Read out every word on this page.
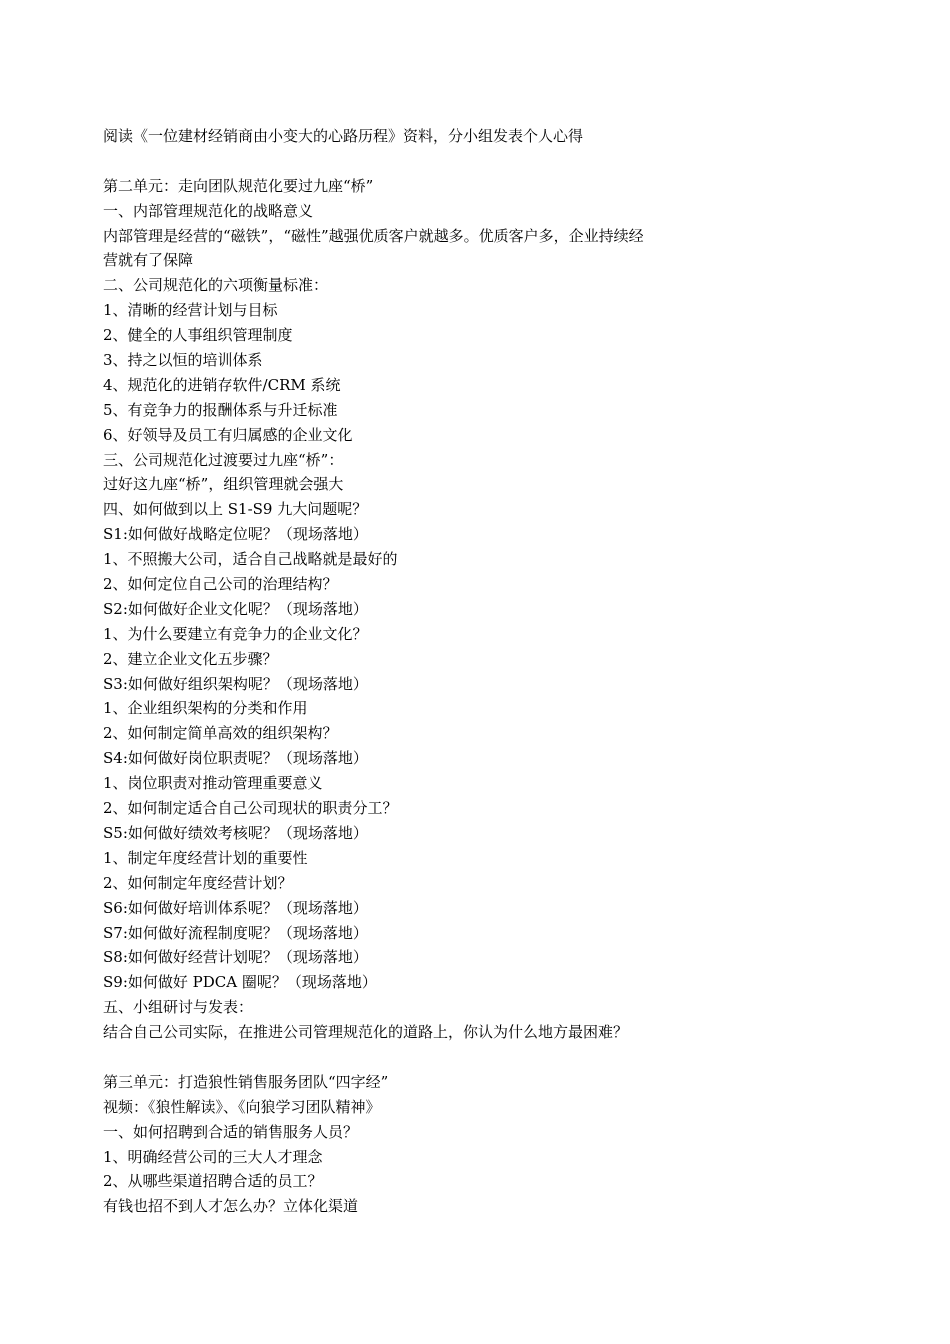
阅读《一位建材经销商由小变大的心路历程》资料，分小组发表个人心得
第二单元：走向团队规范化要过九座“桥”
一、内部管理规范化的战略意义
内部管理是经营的“磁铁”，“磁性”越强优质客户就越多。优质客户多，企业持续经
营就有了保障
二、公司规范化的六项衡量标准：
1、清晰的经营计划与目标
2、健全的人事组织管理制度
3、持之以恒的培训体系
4、规范化的进销存软件/CRM 系统
5、有竞争力的报酬体系与升迁标准
6、好领导及员工有归属感的企业文化
三、公司规范化过渡要过九座“桥”：
过好这九座“桥”，组织管理就会强大
四、如何做到以上 S1-S9 九大问题呢？
S1:如何做好战略定位呢？（现场落地）
1、不照搬大公司，适合自己战略就是最好的
2、如何定位自己公司的治理结构？
S2:如何做好企业文化呢？（现场落地）
1、为什么要建立有竞争力的企业文化？
2、建立企业文化五步骤？
S3:如何做好组织架构呢？（现场落地）
1、企业组织架构的分类和作用
2、如何制定简单高效的组织架构？
S4:如何做好岗位职责呢？（现场落地）
1、岗位职责对推动管理重要意义
2、如何制定适合自己公司现状的职责分工？
S5:如何做好绩效考核呢？（现场落地）
1、制定年度经营计划的重要性
2、如何制定年度经营计划？
S6:如何做好培训体系呢？（现场落地）
S7:如何做好流程制度呢？（现场落地）
S8:如何做好经营计划呢？（现场落地）
S9:如何做好 PDCA 圈呢？（现场落地）
五、小组研讨与发表：
结合自己公司实际，在推进公司管理规范化的道路上，你认为什么地方最困难？
第三单元：打造狼性销售服务团队“四字经”
视频：《狼性解读》、《向狼学习团队精神》
一、如何招聘到合适的销售服务人员？
1、明确经营公司的三大人才理念
2、从哪些渠道招聘合适的员工？
有钱也招不到人才怎么办？立体化渠道
